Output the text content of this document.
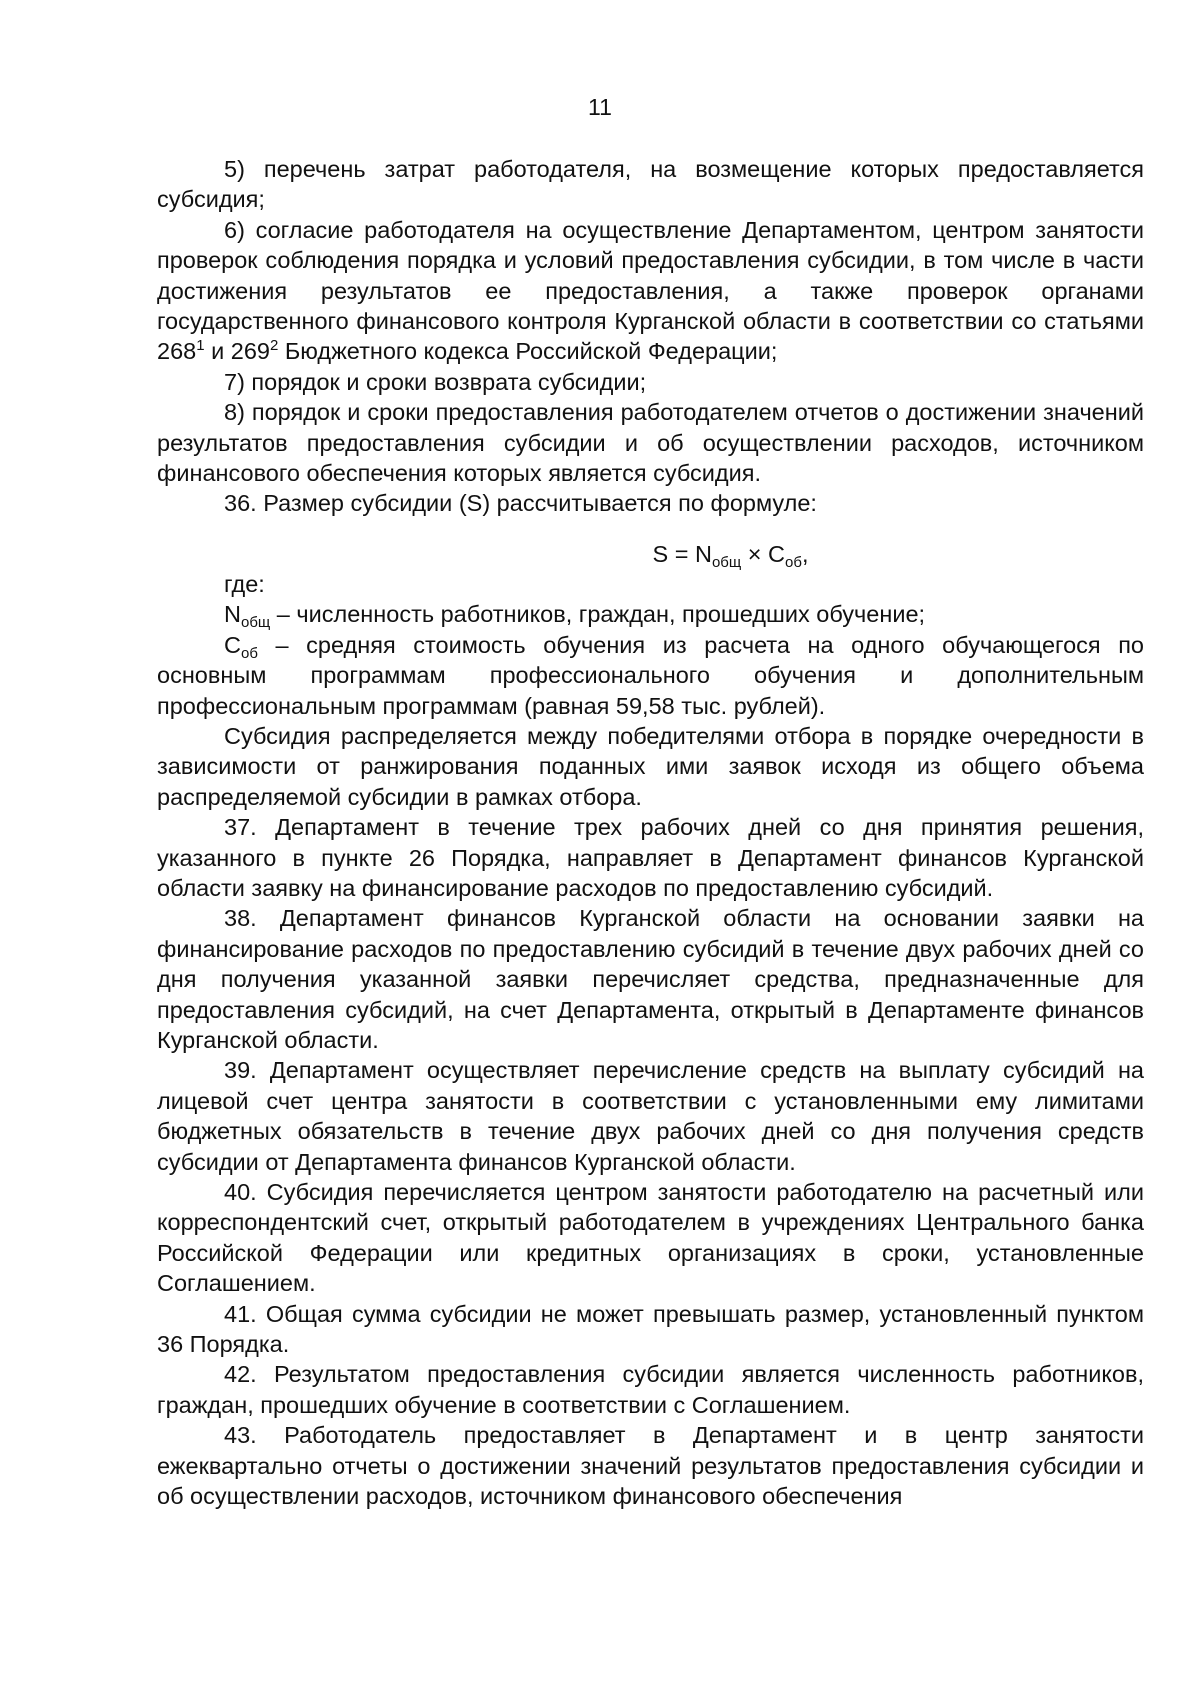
11

5) перечень затрат работодателя, на возмещение которых предоставляется субсидия;

6) согласие работодателя на осуществление Департаментом, центром занятости проверок соблюдения порядка и условий предоставления субсидии, в том числе в части достижения результатов ее предоставления, а также проверок органами государственного финансового контроля Курганской области в соответствии со статьями $268^1$ и $269^2$ Бюджетного кодекса Российской Федерации;

7) порядок и сроки возврата субсидии;

8) порядок и сроки предоставления работодателем отчетов о достижении значений результатов предоставления субсидии и об осуществлении расходов, источником финансового обеспечения которых является субсидия.

36. Размер субсидии (S) рассчитывается по формуле:

$S = N_{общ} \times C_{об}$,

где:

$N_{общ}$ – численность работников, граждан, прошедших обучение;

$C_{об}$ – средняя стоимость обучения из расчета на одного обучающегося по основным программам профессионального обучения и дополнительным профессиональным программам (равная 59,58 тыс. рублей).

Субсидия распределяется между победителями отбора в порядке очередности в зависимости от ранжирования поданных ими заявок исходя из общего объема распределяемой субсидии в рамках отбора.

37. Департамент в течение трех рабочих дней со дня принятия решения, указанного в пункте 26 Порядка, направляет в Департамент финансов Курганской области заявку на финансирование расходов по предоставлению субсидий.

38. Департамент финансов Курганской области на основании заявки на финансирование расходов по предоставлению субсидий в течение двух рабочих дней со дня получения указанной заявки перечисляет средства, предназначенные для предоставления субсидий, на счет Департамента, открытый в Департаменте финансов Курганской области.

39. Департамент осуществляет перечисление средств на выплату субсидий на лицевой счет центра занятости в соответствии с установленными ему лимитами бюджетных обязательств в течение двух рабочих дней со дня получения средств субсидии от Департамента финансов Курганской области.

40. Субсидия перечисляется центром занятости работодателю на расчетный или корреспондентский счет, открытый работодателем в учреждениях Центрального банка Российской Федерации или кредитных организациях в сроки, установленные Соглашением.

41. Общая сумма субсидии не может превышать размер, установленный пунктом 36 Порядка.

42. Результатом предоставления субсидии является численность работников, граждан, прошедших обучение в соответствии с Соглашением.

43. Работодатель предоставляет в Департамент и в центр занятости ежеквартально отчеты о достижении значений результатов предоставления субсидии и об осуществлении расходов, источником финансового обеспечения
